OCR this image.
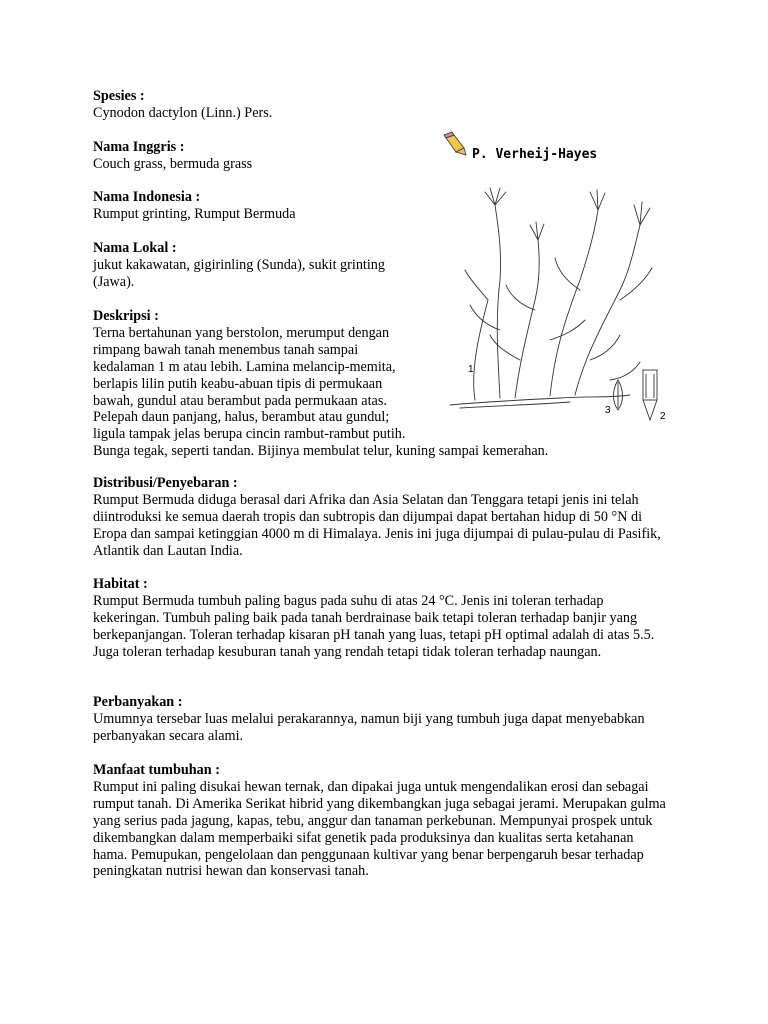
Spesies :
Cynodon dactylon (Linn.) Pers.
Nama Inggris :
Couch grass, bermuda grass
Nama Indonesia :
Rumput grinting, Rumput Bermuda
Nama Lokal :
jukut kakawatan, gigirinling (Sunda), sukit grinting
(Jawa).
Deskripsi :
Terna bertahunan yang berstolon, merumput dengan
rimpang bawah tanah menembus tanah sampai
kedalaman 1 m atau lebih. Lamina melancip-memita,
berlapis lilin putih keabu-abuan tipis di permukaan
bawah, gundul atau berambut pada permukaan atas.
Pelepah daun panjang, halus, berambut atau gundul;
ligula tampak jelas berupa cincin rambut-rambut putih.
Bunga tegak, seperti tandan. Bijinya membulat telur, kuning sampai kemerahan.
Distribusi/Penyebaran :
Rumput Bermuda diduga berasal dari Afrika dan Asia Selatan dan Tenggara tetapi jenis ini telah diintroduksi ke semua daerah tropis dan subtropis dan dijumpai dapat bertahan hidup di 50 °N di Eropa dan sampai ketinggian 4000 m di Himalaya. Jenis ini juga dijumpai di pulau-pulau di Pasifik, Atlantik dan Lautan India.
Habitat :
Rumput Bermuda tumbuh paling bagus pada suhu di atas 24 °C. Jenis ini toleran terhadap kekeringan. Tumbuh paling baik pada tanah berdrainase baik tetapi toleran terhadap banjir yang berkepanjangan. Toleran terhadap kisaran pH tanah yang luas, tetapi pH optimal adalah di atas 5.5. Juga toleran terhadap kesuburan tanah yang rendah tetapi tidak toleran terhadap naungan.
Perbanyakan :
Umumnya tersebar luas melalui perakarannya, namun biji yang tumbuh juga dapat menyebabkan perbanyakan secara alami.
Manfaat tumbuhan :
Rumput ini paling disukai hewan ternak, dan dipakai juga untuk mengendalikan erosi dan sebagai rumput tanah. Di Amerika Serikat hibrid yang dikembangkan juga sebagai jerami. Merupakan gulma yang serius pada jagung, kapas, tebu, anggur dan tanaman perkebunan. Mempunyai prospek untuk dikembangkan dalam memperbaiki sifat genetik pada produksinya dan kualitas serta ketahanan hama. Pemupukan, pengelolaan dan penggunaan kultivar yang benar berpengaruh besar terhadap peningkatan nutrisi hewan dan konservasi tanah.
P. Verheij-Hayes
1
2
3
